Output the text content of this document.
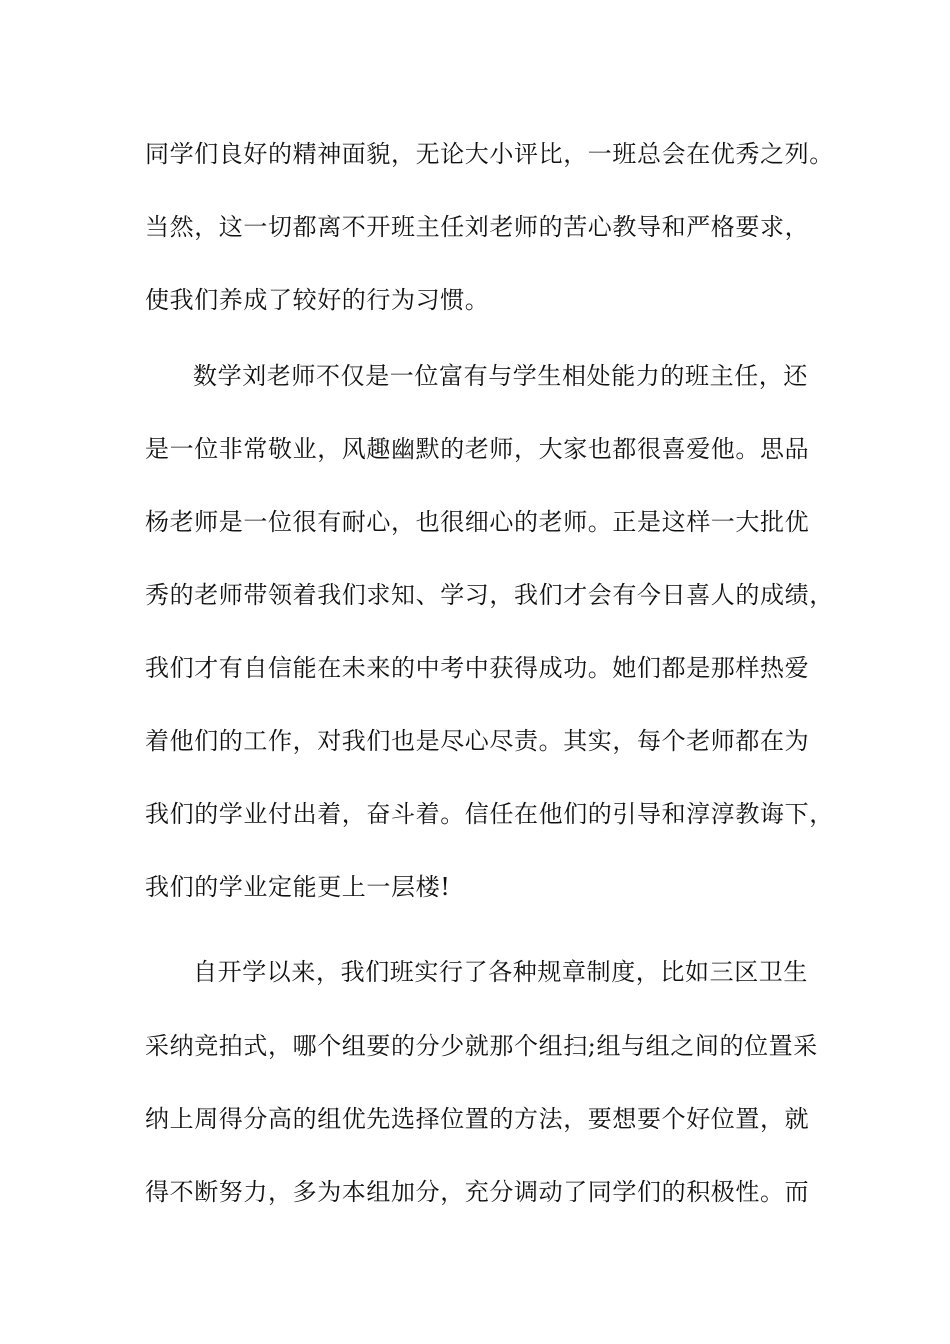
同学们良好的精神面貌，无论大小评比，一班总会在优秀之列。
当然，这一切都离不开班主任刘老师的苦心教导和严格要求，
使我们养成了较好的行为习惯。
数学刘老师不仅是一位富有与学生相处能力的班主任，还
是一位非常敬业，风趣幽默的老师，大家也都很喜爱他。思品
杨老师是一位很有耐心，也很细心的老师。正是这样一大批优
秀的老师带领着我们求知、学习，我们才会有今日喜人的成绩，
我们才有自信能在未来的中考中获得成功。她们都是那样热爱
着他们的工作，对我们也是尽心尽责。其实，每个老师都在为
我们的学业付出着，奋斗着。信任在他们的引导和淳淳教诲下，
我们的学业定能更上一层楼!
自开学以来，我们班实行了各种规章制度，比如三区卫生
采纳竞拍式，哪个组要的分少就那个组扫;组与组之间的位置采
纳上周得分高的组优先选择位置的方法，要想要个好位置，就
得不断努力，多为本组加分，充分调动了同学们的积极性。而
